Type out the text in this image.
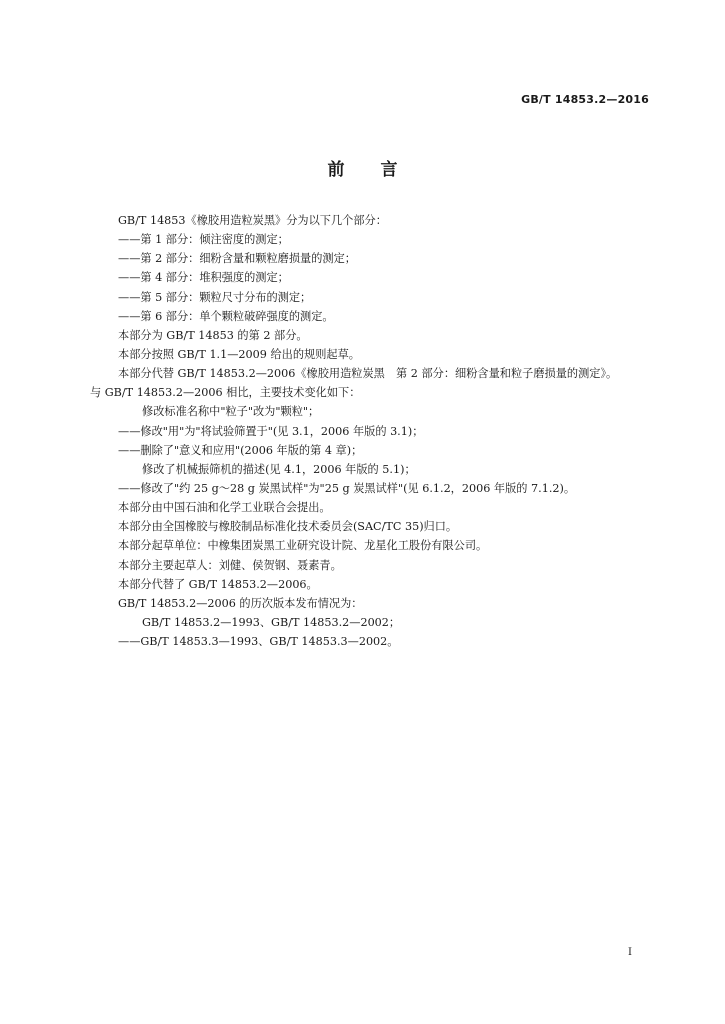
GB/T 14853.2—2016
前言
GB/T 14853《橡胶用造粒炭黑》分为以下几个部分：
——第 1 部分：倾注密度的测定；
——第 2 部分：细粉含量和颗粒磨损量的测定；
——第 4 部分：堆积强度的测定；
——第 5 部分：颗粒尺寸分布的测定；
——第 6 部分：单个颗粒破碎强度的测定。
本部分为 GB/T 14853 的第 2 部分。
本部分按照 GB/T 1.1—2009 给出的规则起草。
本部分代替 GB/T 14853.2—2006《橡胶用造粒炭黑　第 2 部分：细粉含量和粒子磨损量的测定》。
与 GB/T 14853.2—2006 相比，主要技术变化如下：
修改标准名称中"粒子"改为"颗粒"；
——修改"用"为"将试验筛置于"(见 3.1，2006 年版的 3.1)；
——删除了"意义和应用"(2006 年版的第 4 章)；
修改了机械振筛机的描述(见 4.1，2006 年版的 5.1)；
——修改了"约 25 g～28 g 炭黑试样"为"25 g 炭黑试样"(见 6.1.2，2006 年版的 7.1.2)。
本部分由中国石油和化学工业联合会提出。
本部分由全国橡胶与橡胶制品标准化技术委员会(SAC/TC 35)归口。
本部分起草单位：中橡集团炭黑工业研究设计院、龙星化工股份有限公司。
本部分主要起草人：刘健、侯贺钢、聂素青。
本部分代替了 GB/T 14853.2—2006。
GB/T 14853.2—2006 的历次版本发布情况为：
GB/T 14853.2—1993、GB/T 14853.2—2002；
——GB/T 14853.3—1993、GB/T 14853.3—2002。
I
